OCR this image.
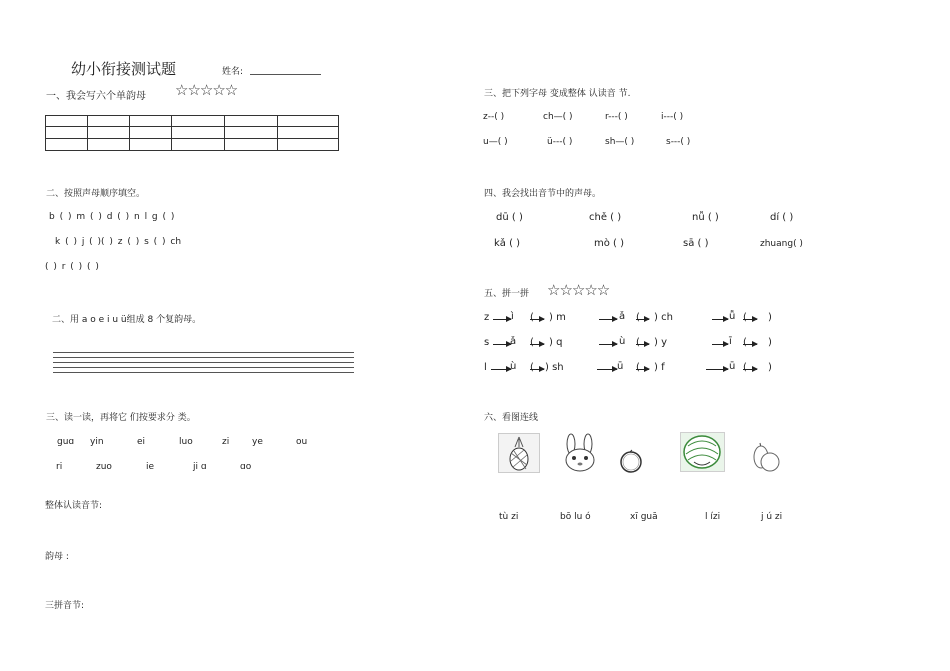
幼小衔接测试题	姓名:
一、我会写六个单韵母 ☆☆☆☆☆

二、按照声母顺序填空。
b ( ) m ( ) d ( ) n l g ( )
k ( ) j ( )( ) z ( ) s ( ) ch
( ) r ( ) ( )
二、用 a o e i u ü组成 8 个复韵母。
三、读一读，再将它 们按要求分 类。
guɑ yin	ei	luo	zi	ye	ou
ri	zuo	ie	ji ɑ	ɑo
整体认读音节:
韵母 :
三拼音节:
三、把下列字母 变成整体 认读音 节.
z--( )	ch—( )	r---( )	i---( )
u—( )	ü---( )	sh—( )	s---( )
四、我会找出音节中的声母。
dū ( )	chě ( )	nǚ ( )	dí ( )
kǎ ( )	mò ( )	sā ( )	zhuang( )
五、拼一拼 ☆☆☆☆☆
z ì ( ) m	ǎ ( ) ch	ǚ ( )
s ǎ ( ) q	ù ( ) y	ī ( )
l ù ( ) sh	ū ( ) f	ū ( )
六、看图连线
tù zi	bō lu ó	xī guā	l ízi	j ú zi
